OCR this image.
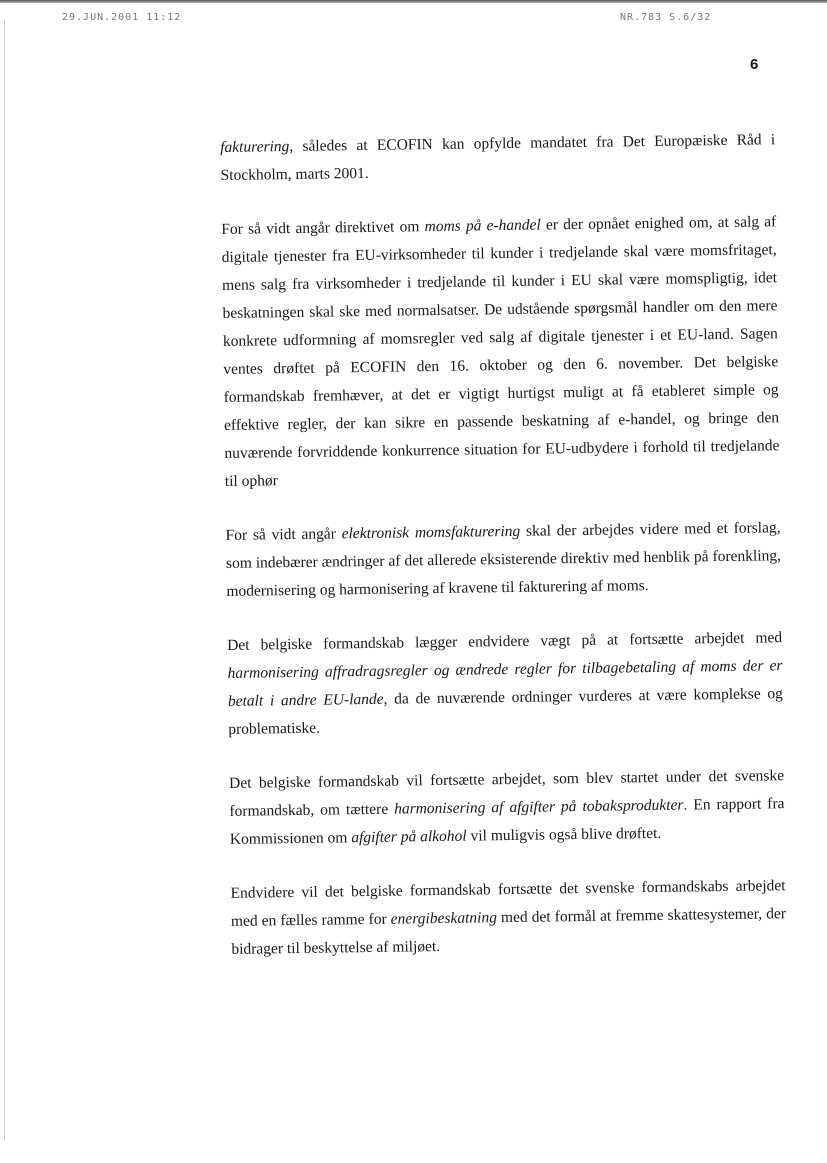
29.JUN.2001 11:12	NR.783 S.6/32
6

fakturering, således at ECOFIN kan opfylde mandatet fra Det Europæiske Råd i Stockholm, marts 2001.

For så vidt angår direktivet om moms på e-handel er der opnået enighed om, at salg af digitale tjenester fra EU-virksomheder til kunder i tredjelande skal være momsfritaget, mens salg fra virksomheder i tredjelande til kunder i EU skal være momspligtig, idet beskatningen skal ske med normalsatser. De udstående spørgsmål handler om den mere konkrete udformning af momsregler ved salg af digitale tjenester i et EU-land. Sagen ventes drøftet på ECOFIN den 16. oktober og den 6. november. Det belgiske formandskab fremhæver, at det er vigtigt hurtigst muligt at få etableret simple og effektive regler, der kan sikre en passende beskatning af e-handel, og bringe den nuværende forvriddende konkurrence situation for EU-udbydere i forhold til tredjelande til ophør

For så vidt angår elektronisk momsfakturering skal der arbejdes videre med et forslag, som indebærer ændringer af det allerede eksisterende direktiv med henblik på forenkling, modernisering og harmonisering af kravene til fakturering af moms.

Det belgiske formandskab lægger endvidere vægt på at fortsætte arbejdet med harmonisering affradragsregler og ændrede regler for tilbagebetaling af moms der er betalt i andre EU-lande, da de nuværende ordninger vurderes at være komplekse og problematiske.

Det belgiske formandskab vil fortsætte arbejdet, som blev startet under det svenske formandskab, om tættere harmonisering af afgifter på tobaksprodukter. En rapport fra Kommissionen om afgifter på alkohol vil muligvis også blive drøftet.

Endvidere vil det belgiske formandskab fortsætte det svenske formandskabs arbejdet med en fælles ramme for energibeskatning med det formål at fremme skattesystemer, der bidrager til beskyttelse af miljøet.
